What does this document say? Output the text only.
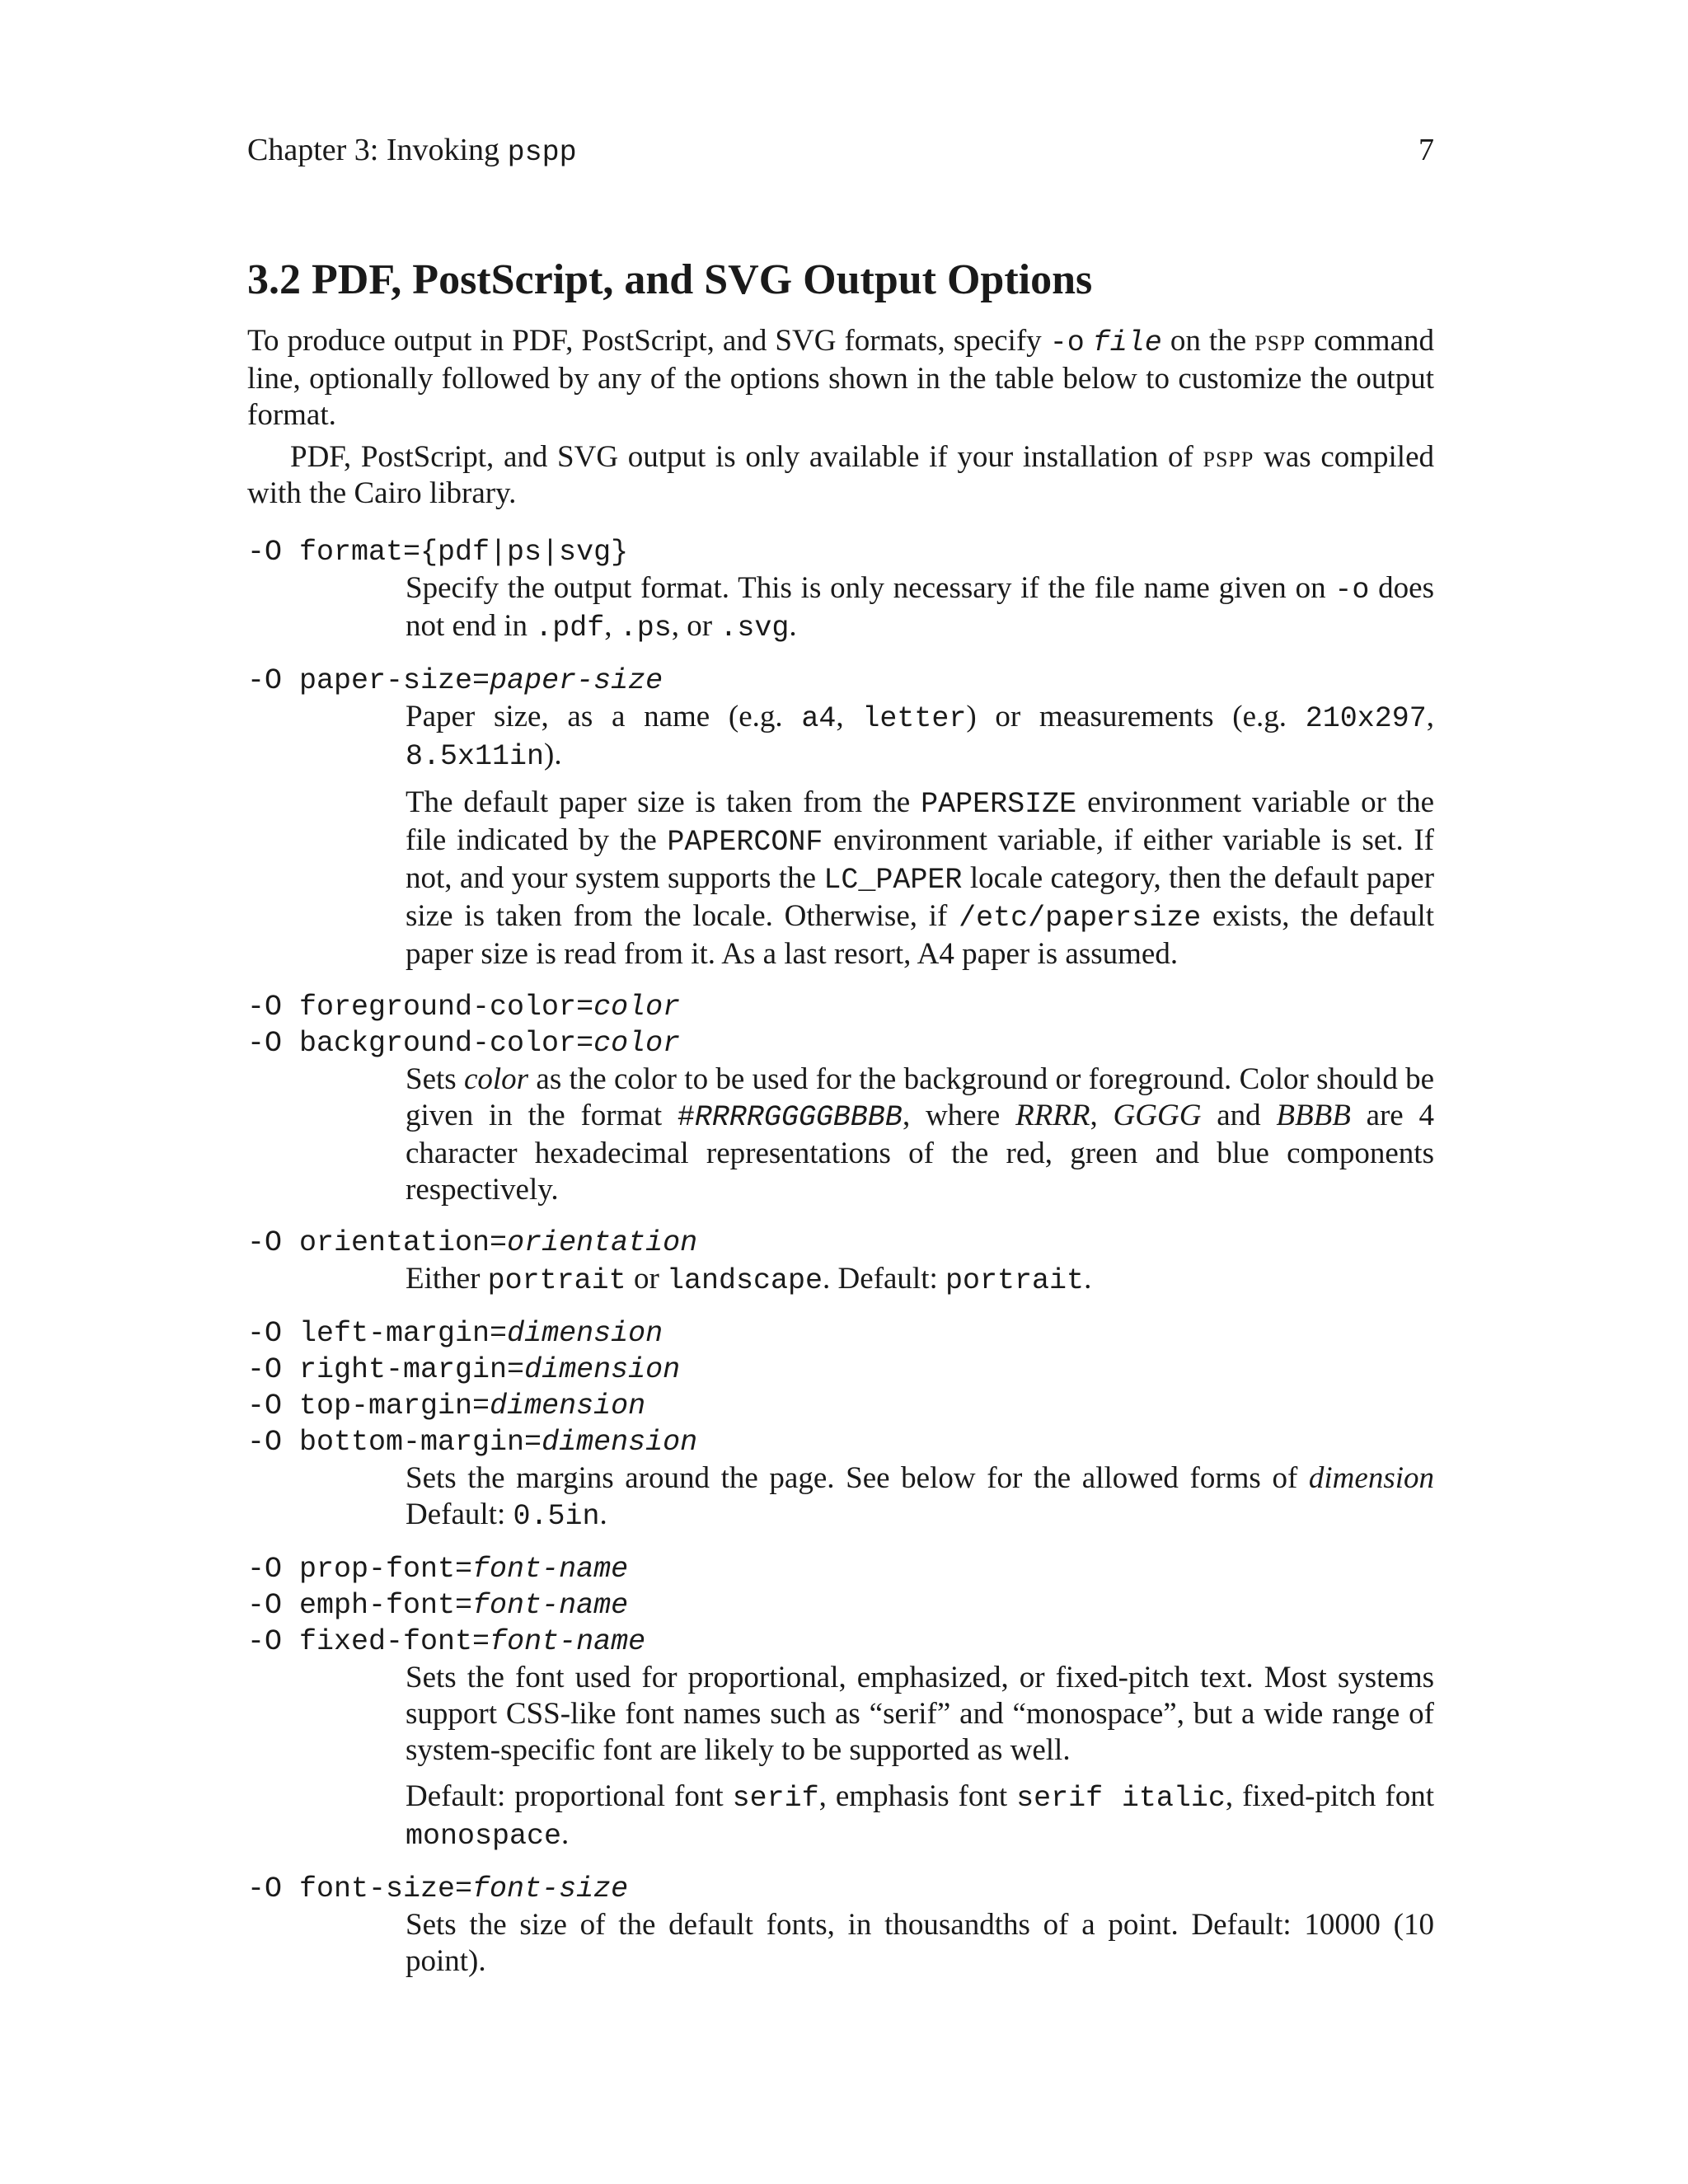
Chapter 3: Invoking pspp	7
3.2 PDF, PostScript, and SVG Output Options

To produce output in PDF, PostScript, and SVG formats, specify -o file on the pspp command line, optionally followed by any of the options shown in the table below to customize the output format.

PDF, PostScript, and SVG output is only available if your installation of pspp was compiled with the Cairo library.

-O format={pdf|ps|svg}

Specify the output format. This is only necessary if the file name given on -o does not end in .pdf, .ps, or .svg.

-O paper-size=paper-size

Paper size, as a name (e.g. a4, letter) or measurements (e.g. 210x297, 8.5x11in).

The default paper size is taken from the PAPERSIZE environment variable or the file indicated by the PAPERCONF environment variable, if either variable is set. If not, and your system supports the LC_PAPER locale category, then the default paper size is taken from the locale. Otherwise, if /etc/papersize exists, the default paper size is read from it. As a last resort, A4 paper is assumed.

-O foreground-color=color
-O background-color=color

Sets color as the color to be used for the background or foreground. Color should be given in the format #RRRRGGGGBBBB, where RRRR, GGGG and BBBB are 4 character hexadecimal representations of the red, green and blue components respectively.

-O orientation=orientation

Either portrait or landscape. Default: portrait.

-O left-margin=dimension
-O right-margin=dimension
-O top-margin=dimension
-O bottom-margin=dimension

Sets the margins around the page. See below for the allowed forms of dimension Default: 0.5in.

-O prop-font=font-name
-O emph-font=font-name
-O fixed-font=font-name

Sets the font used for proportional, emphasized, or fixed-pitch text. Most systems support CSS-like font names such as “serif” and “monospace”, but a wide range of system-specific font are likely to be supported as well.

Default: proportional font serif, emphasis font serif italic, fixed-pitch font monospace.

-O font-size=font-size

Sets the size of the default fonts, in thousandths of a point. Default: 10000 (10 point).
